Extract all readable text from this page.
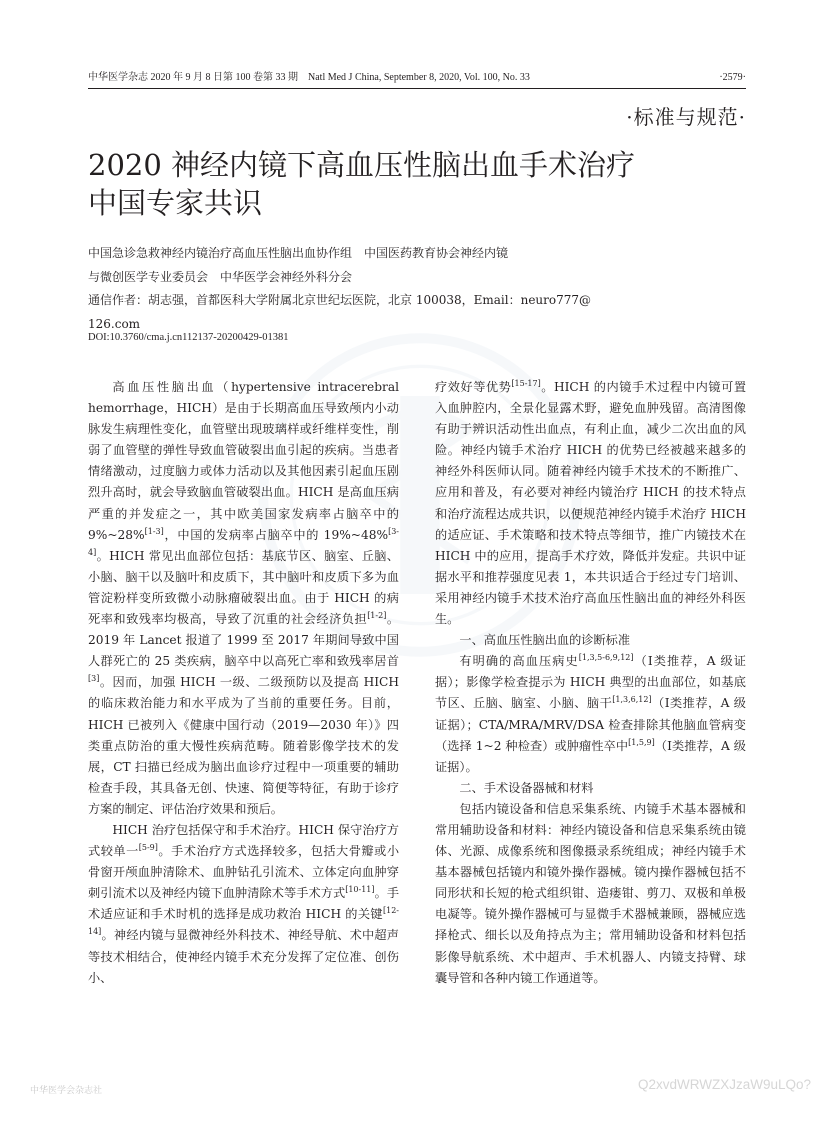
中华医学杂志 2020 年 9 月 8 日第 100 卷第 33 期　Natl Med J China, September 8, 2020, Vol. 100, No. 33	·2579·
·标准与规范·
2020 神经内镜下高血压性脑出血手术治疗
中国专家共识
中国急诊急救神经内镜治疗高血压性脑出血协作组　中国医药教育协会神经内镜
与微创医学专业委员会　中华医学会神经外科分会
通信作者：胡志强，首都医科大学附属北京世纪坛医院，北京 100038，Email：neuro777@
126.com
DOI:10.3760/cma.j.cn112137-20200429-01381

高血压性脑出血（hypertensive intracerebral hemorrhage，HICH）是由于长期高血压导致颅内小动脉发生病理性变化，血管壁出现玻璃样或纤维样变性，削弱了血管壁的弹性导致血管破裂出血引起的疾病。当患者情绪激动，过度脑力或体力活动以及其他因素引起血压剧烈升高时，就会导致脑血管破裂出血。HICH 是高血压病严重的并发症之一，其中欧美国家发病率占脑卒中的 9%~28%[1-3]，中国的发病率占脑卒中的 19%~48%[3-4]。HICH 常见出血部位包括：基底节区、脑室、丘脑、小脑、脑干以及脑叶和皮质下，其中脑叶和皮质下多为血管淀粉样变所致微小动脉瘤破裂出血。由于 HICH 的病死率和致残率均极高，导致了沉重的社会经济负担[1-2]。2019 年 Lancet 报道了 1999 至 2017 年期间导致中国人群死亡的 25 类疾病，脑卒中以高死亡率和致残率居首[3]。因而，加强 HICH 一级、二级预防以及提高 HICH 的临床救治能力和水平成为了当前的重要任务。目前，HICH 已被列入《健康中国行动（2019—2030 年）》四类重点防治的重大慢性疾病范畴。随着影像学技术的发展，CT 扫描已经成为脑出血诊疗过程中一项重要的辅助检查手段，其具备无创、快速、简便等特征，有助于诊疗方案的制定、评估治疗效果和预后。

HICH 治疗包括保守和手术治疗。HICH 保守治疗方式较单一[5-9]。手术治疗方式选择较多，包括大骨瓣或小骨窗开颅血肿清除术、血肿钻孔引流术、立体定向血肿穿刺引流术以及神经内镜下血肿清除术等手术方式[10-11]。手术适应证和手术时机的选择是成功救治 HICH 的关键[12-14]。神经内镜与显微神经外科技术、神经导航、术中超声等技术相结合，使神经内镜手术充分发挥了定位准、创伤小、

疗效好等优势[15-17]。HICH 的内镜手术过程中内镜可置入血肿腔内，全景化显露术野，避免血肿残留。高清图像有助于辨识活动性出血点，有利止血，减少二次出血的风险。神经内镜手术治疗 HICH 的优势已经被越来越多的神经外科医师认同。随着神经内镜手术技术的不断推广、应用和普及，有必要对神经内镜治疗 HICH 的技术特点和治疗流程达成共识，以便规范神经内镜手术治疗 HICH 的适应证、手术策略和技术特点等细节，推广内镜技术在 HICH 中的应用，提高手术疗效，降低并发症。共识中证据水平和推荐强度见表 1，本共识适合于经过专门培训、采用神经内镜手术技术治疗高血压性脑出血的神经外科医生。

一、高血压性脑出血的诊断标准

有明确的高血压病史[1,3,5-6,9,12]（Ⅰ类推荐，A 级证据）；影像学检查提示为 HICH 典型的出血部位，如基底节区、丘脑、脑室、小脑、脑干[1,3,6,12]（Ⅰ类推荐，A 级证据）；CTA/MRA/MRV/DSA 检查排除其他脑血管病变（选择 1~2 种检查）或肿瘤性卒中[1,5,9]（Ⅰ类推荐，A 级证据）。

二、手术设备器械和材料

包括内镜设备和信息采集系统、内镜手术基本器械和常用辅助设备和材料：神经内镜设备和信息采集系统由镜体、光源、成像系统和图像摄录系统组成；神经内镜手术基本器械包括镜内和镜外操作器械。镜内操作器械包括不同形状和长短的枪式组织钳、造瘘钳、剪刀、双极和单极电凝等。镜外操作器械可与显微手术器械兼顾，器械应选择枪式、细长以及角持点为主；常用辅助设备和材料包括影像导航系统、术中超声、手术机器人、内镜支持臂、球囊导管和各种内镜工作通道等。

中华医学会杂志社	Q2xvdWRWZXJzaW9uLQo?
